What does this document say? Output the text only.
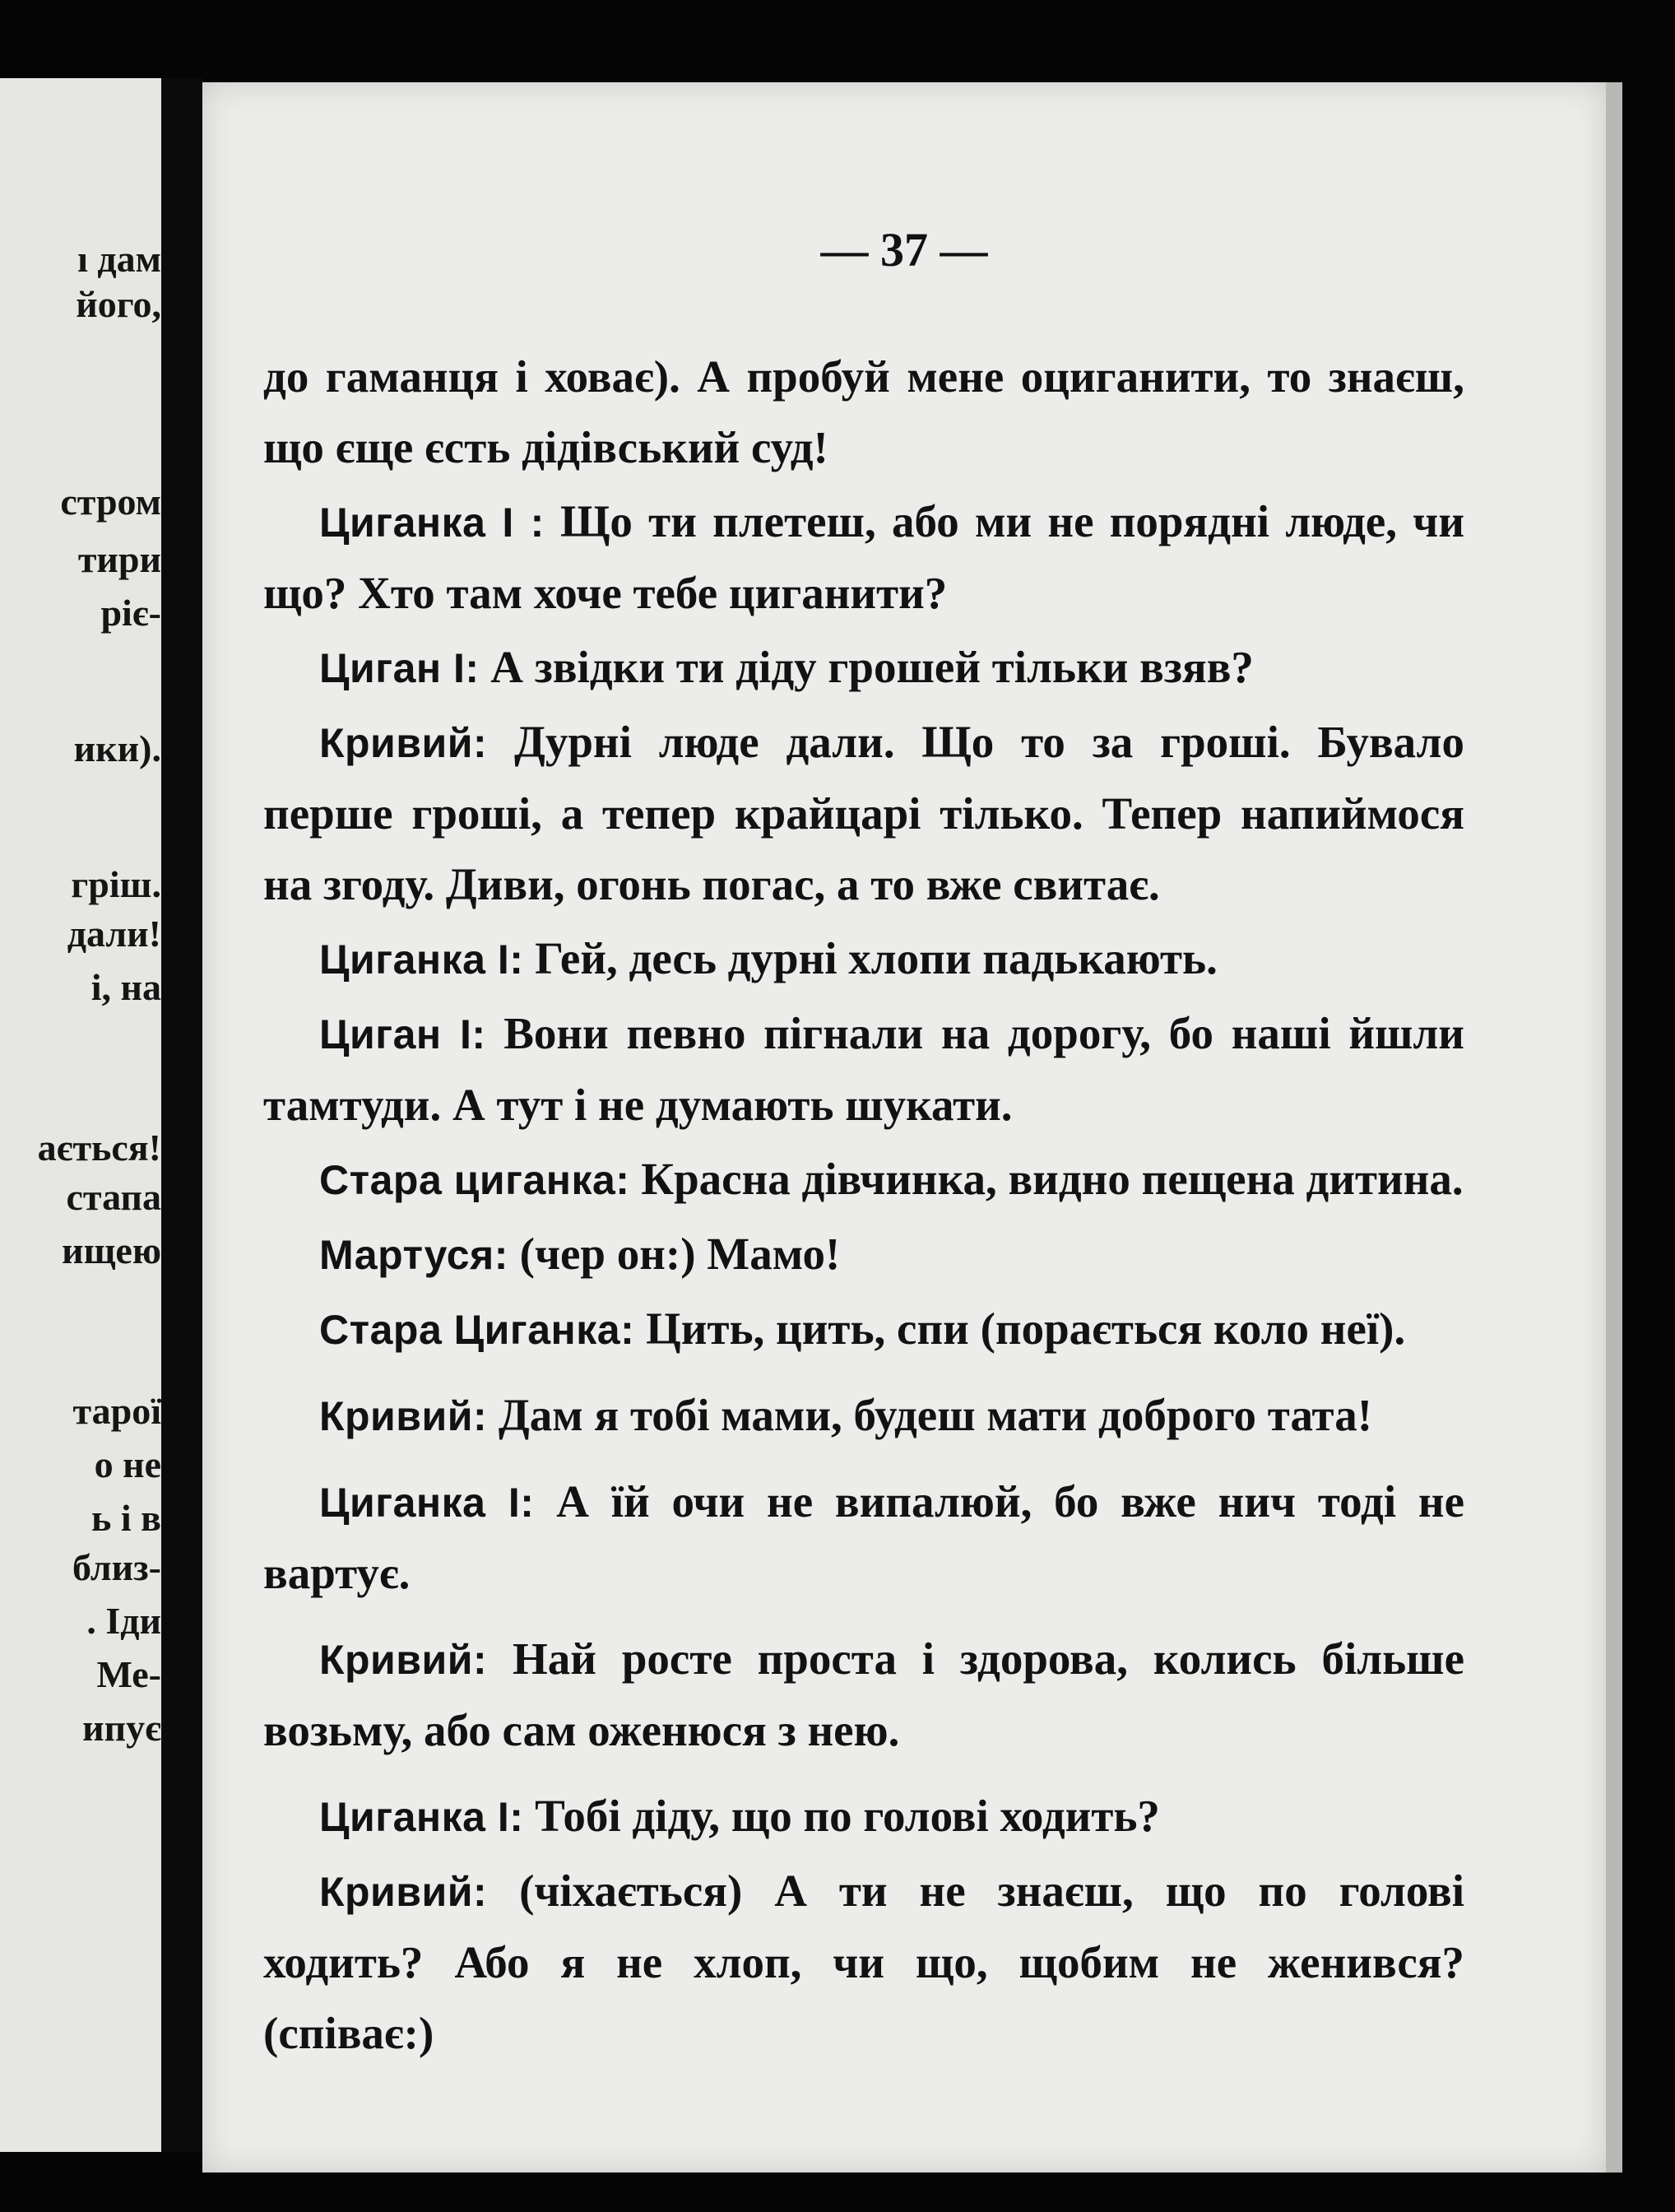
ı дам
його,
стром
тири
ріє-
ики).
гріш.
дали!
і, на
ається!
стапа
ищею
тарої
о не
ь і в
близ-
. Іди
Ме-
ипує
— 37 —

до гаманця і ховає). А пробуй мене оциганити, то знаєш, що єще єсть дідівський суд!

Циганка І : Що ти плетеш, або ми не порядні люде, чи що? Хто там хоче тебе циганити?

Циган І: А звідки ти діду грошей тільки взяв?

Кривий: Дурні люде дали. Що то за гроші. Бувало перше гроші, а тепер крайцарі тілько. Тепер напиймося на згоду. Диви, огонь погас, а то вже свитає.

Циганка І: Гей, десь дурні хлопи падькають.

Циган І: Вони певно пігнали на дорогу, бо наші йшли тамтуди. А тут і не думають шукати.

Стара циганка: Красна дівчинка, видно пещена дитина.

Мартуся: (чер он:) Мамо!

Стара Циганка: Цить, цить, спи (порається коло неї).

Кривий: Дам я тобі мами, будеш мати доброго тата!

Циганка І: А їй очи не випалюй, бо вже нич тоді не вартує.

Кривий: Най росте проста і здорова, колись більше возьму, або сам оженюся з нею.

Циганка І: Тобі діду, що по голові ходить?

Кривий: (чіхається) А ти не знаєш, що по голові ходить? Або я не хлоп, чи що, щобим не женився? (співає:)
